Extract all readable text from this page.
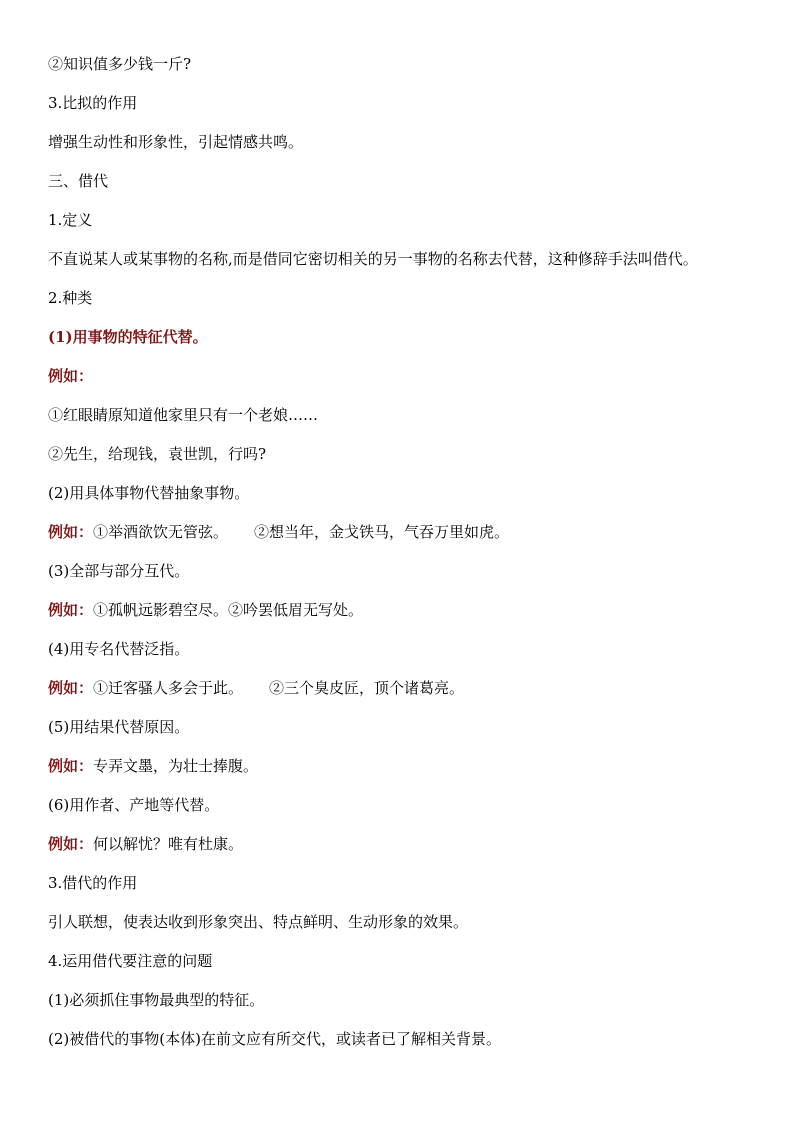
②知识值多少钱一斤?
3.比拟的作用
增强生动性和形象性，引起情感共鸣。
三、借代
1.定义
不直说某人或某事物的名称,而是借同它密切相关的另一事物的名称去代替，这种修辞手法叫借代。
2.种类
(1)用事物的特征代替。
例如：
①红眼睛原知道他家里只有一个老娘……
②先生，给现钱，袁世凯，行吗?
(2)用具体事物代替抽象事物。
例如：①举酒欲饮无管弦。 ②想当年，金戈铁马，气吞万里如虎。
(3)全部与部分互代。
例如：①孤帆远影碧空尽。②吟罢低眉无写处。
(4)用专名代替泛指。
例如：①迁客骚人多会于此。 ②三个臭皮匠，顶个诸葛亮。
(5)用结果代替原因。
例如：专弄文墨，为壮士捧腹。
(6)用作者、产地等代替。
例如：何以解忧？唯有杜康。
3.借代的作用
引人联想，使表达收到形象突出、特点鲜明、生动形象的效果。
4.运用借代要注意的问题
(1)必须抓住事物最典型的特征。
(2)被借代的事物(本体)在前文应有所交代，或读者已了解相关背景。
